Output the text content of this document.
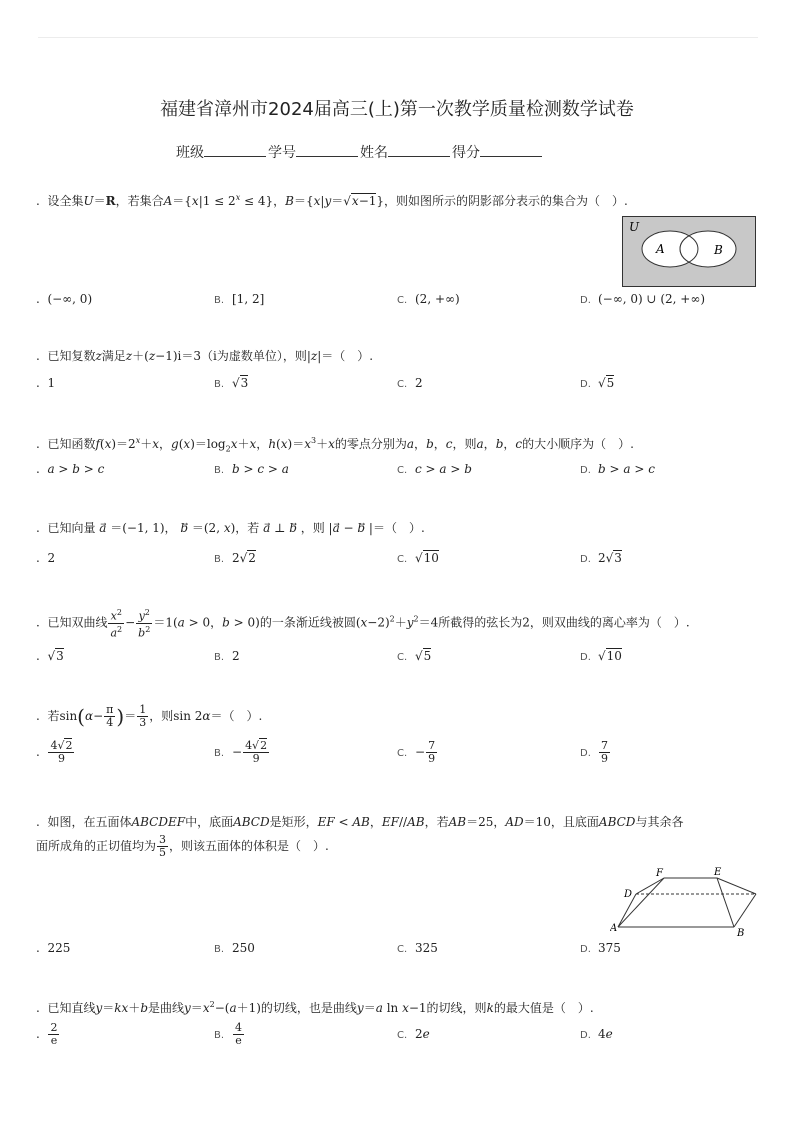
福建省漳州市2024届高三(上)第一次教学质量检测数学试卷
班级	学号	姓名	得分
.  设全集U＝R，若集合$A=\{x|1 \le 2^x \le 4\}$，B＝{x|y＝√x−1}，则如图所示的阴影部分表示的集合为（　）.
U
A	B
.  (−∞, 0)	B. [1, 2]	C. (2, +∞)	D. (−∞, 0) ∪ (2, +∞)
.  已知复数z满足z＋(z−1)i＝3（i为虚数单位），则|z|＝（　）.
.  1	B. √3	C. 2	D. √5
.  已知函数$f(x)=2^x+x$，$g(x)=\log_2x+x$，$h(x)=x^3+x$的零点分别为a，b，c，则a，b，c的大小顺序为（　）.
.  a > b > c	B. b > c > a	C. c > a > b	D. b > a > c
.  已知向量 a⃗ ＝(−1, 1)， b⃗ ＝(2, x)，若 a⃗ ⊥ b⃗ ，则 |a⃗ − b⃗ |＝（　）.
.  2	B. 2√2	C. √10	D. 2√3
.  已知双曲线 $\frac{x^2}{a^2} - \frac{y^2}{b^2} =1(a > 0$，b > 0)的一条渐近线被圆$(x-2)^2+y^2=4$所截得的弦长为2，则双曲线的离心率为（　）.
.  √3	B. 2	C. √5	D. √10
.  若$\sin(\alpha- \frac{\pi}{4}$ )＝ $\frac{1}{3}$ ，则sin 2α＝（　）.
. $\frac{4√2}{9}$	B. − $\frac{4√2}{9}$	C. − $\frac{7}{9}$	D. $\frac{7}{9}$
.  如图，在五面体ABCDEF中，底面ABCD是矩形，EF < AB，EF//AB，若AB＝25，AD＝10，且底面ABCD与其余各
面所成角的正切值均为 $\frac{3}{5}$ ，则该五面体的体积是（　）.
F	E
D
A	B
.  225	B. 250	C. 325	D. 375
.  已知直线y＝kx＋b是曲线$y=x^2-(a+1)$的切线，也是曲线y＝a ln x−1的切线，则k的最大值是（　）.
. $\frac{2}{e}$	B. $\frac{4}{e}$	C. 2e	D. 4e
